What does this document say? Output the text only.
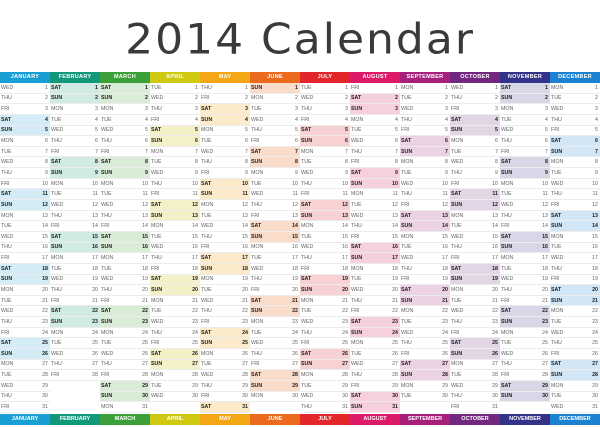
2014 Calendar
JANUARY
WED	1
THU	2
FRI	3
SAT	4
SUN	5
MON	6
TUE	7
WED	8
THU	9
FRI	10
SAT	11
SUN	12
MON	13
TUE	14
WED	15
THU	16
FRI	17
SAT	18
SUN	19
MON	20
TUE	21
WED	22
THU	23
FRI	24
SAT	25
SUN	26
MON	27
TUE	28
WED	29
THU	30
FRI	31
JANUARY
FEBRUARY
SAT	1
SUN	2
MON	3
TUE	4
WED	5
THU	6
FRI	7
SAT	8
SUN	9
MON	10
TUE	11
WED	12
THU	13
FRI	14
SAT	15
SUN	16
MON	17
TUE	18
WED	19
THU	20
FRI	21
SAT	22
SUN	23
MON	24
TUE	25
WED	26
THU	27
FRI	28
FEBRUARY
MARCH
SAT	1
SUN	2
MON	3
TUE	4
WED	5
THU	6
FRI	7
SAT	8
SUN	9
MON	10
TUE	11
WED	12
THU	13
FRI	14
SAT	15
SUN	16
MON	17
TUE	18
WED	19
THU	20
FRI	21
SAT	22
SUN	23
MON	24
TUE	25
WED	26
THU	27
FRI	28
SAT	29
SUN	30
MON	31
MARCH
APRIL
TUE	1
WED	2
THU	3
FRI	4
SAT	5
SUN	6
MON	7
TUE	8
WED	9
THU	10
FRI	11
SAT	12
SUN	13
MON	14
TUE	15
WED	16
THU	17
FRI	18
SAT	19
SUN	20
MON	21
TUE	22
WED	23
THU	24
FRI	25
SAT	26
SUN	27
MON	28
TUE	29
WED	30
APRIL
MAY
THU	1
FRI	2
SAT	3
SUN	4
MON	5
TUE	6
WED	7
THU	8
FRI	9
SAT	10
SUN	11
MON	12
TUE	13
WED	14
THU	15
FRI	16
SAT	17
SUN	18
MON	19
TUE	20
WED	21
THU	22
FRI	23
SAT	24
SUN	25
MON	26
TUE	27
WED	28
THU	29
FRI	30
SAT	31
MAY
JUNE
SUN	1
MON	2
TUE	3
WED	4
THU	5
FRI	6
SAT	7
SUN	8
MON	9
TUE	10
WED	11
THU	12
FRI	13
SAT	14
SUN	15
MON	16
TUE	17
WED	18
THU	19
FRI	20
SAT	21
SUN	22
MON	23
TUE	24
WED	25
THU	26
FRI	27
SAT	28
SUN	29
MON	30
JUNE
JULY
TUE	1
WED	2
THU	3
FRI	4
SAT	5
SUN	6
MON	7
TUE	8
WED	9
THU	10
FRI	11
SAT	12
SUN	13
MON	14
TUE	15
WED	16
THU	17
FRI	18
SAT	19
SUN	20
MON	21
TUE	22
WED	23
THU	24
FRI	25
SAT	26
SUN	27
MON	28
TUE	29
WED	30
THU	31
JULY
AUGUST
FRI	1
SAT	2
SUN	3
MON	4
TUE	5
WED	6
THU	7
FRI	8
SAT	9
SUN	10
MON	11
TUE	12
WED	13
THU	14
FRI	15
SAT	16
SUN	17
MON	18
TUE	19
WED	20
THU	21
FRI	22
SAT	23
SUN	24
MON	25
TUE	26
WED	27
THU	28
FRI	29
SAT	30
SUN	31
AUGUST
SEPTEMBER
MON	1
TUE	2
WED	3
THU	4
FRI	5
SAT	6
SUN	7
MON	8
TUE	9
WED	10
THU	11
FRI	12
SAT	13
SUN	14
MON	15
TUE	16
WED	17
THU	18
FRI	19
SAT	20
SUN	21
MON	22
TUE	23
WED	24
THU	25
FRI	26
SAT	27
SUN	28
MON	29
TUE	30
SEPTEMBER
OCTOBER
WED	1
THU	2
FRI	3
SAT	4
SUN	5
MON	6
TUE	7
WED	8
THU	9
FRI	10
SAT	11
SUN	12
MON	13
TUE	14
WED	15
THU	16
FRI	17
SAT	18
SUN	19
MON	20
TUE	21
WED	22
THU	23
FRI	24
SAT	25
SUN	26
MON	27
TUE	28
WED	29
THU	30
FRI	31
OCTOBER
NOVEMBER
SAT	1
SUN	2
MON	3
TUE	4
WED	5
THU	6
FRI	7
SAT	8
SUN	9
MON	10
TUE	11
WED	12
THU	13
FRI	14
SAT	15
SUN	16
MON	17
TUE	18
WED	19
THU	20
FRI	21
SAT	22
SUN	23
MON	24
TUE	25
WED	26
THU	27
FRI	28
SAT	29
SUN	30
NOVEMBER
DECEMBER
MON	1
TUE	2
WED	3
THU	4
FRI	5
SAT	6
SUN	7
MON	8
TUE	9
WED	10
THU	11
FRI	12
SAT	13
SUN	14
MON	15
TUE	16
WED	17
THU	18
FRI	19
SAT	20
SUN	21
MON	22
TUE	23
WED	24
THU	25
FRI	26
SAT	27
SUN	28
MON	29
TUE	30
WED	31
DECEMBER
